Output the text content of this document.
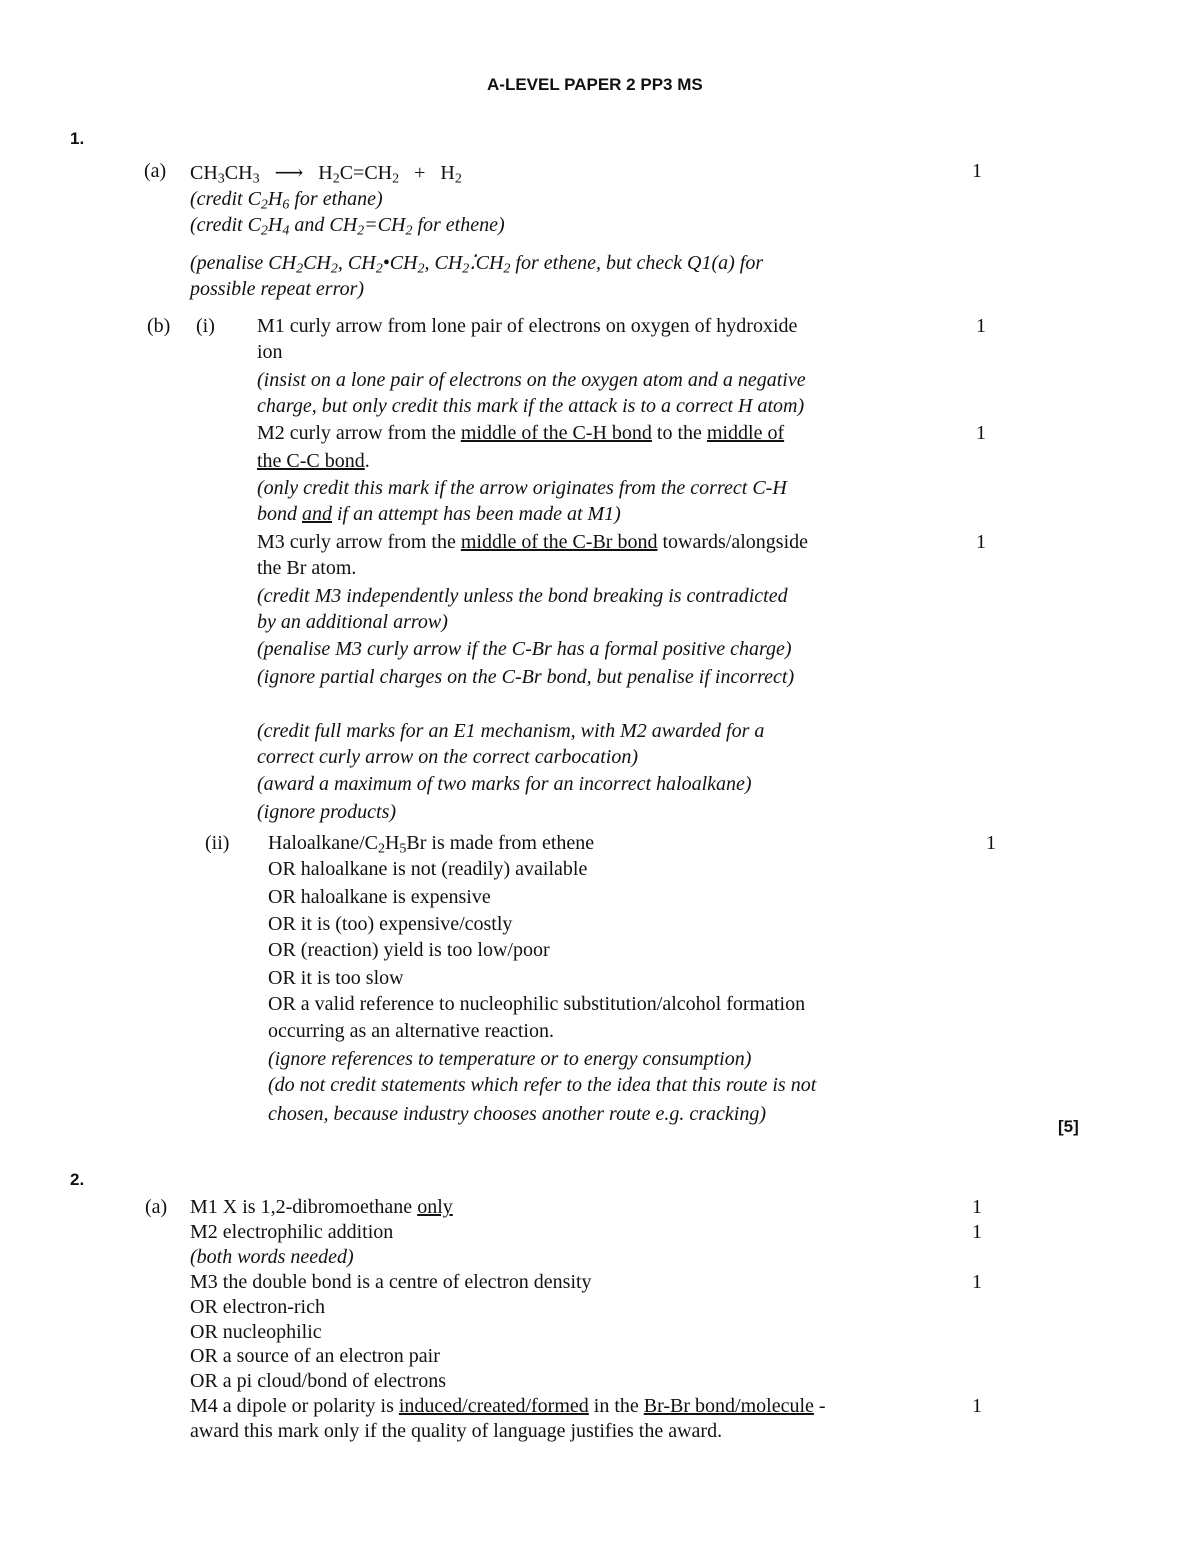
A-LEVEL PAPER 2 PP3 MS
1.
(a) $CH_3CH_3$ ⟶ $H_2C=CH_2 + H_2$	1
(credit $C_2H_6$ for ethane)
(credit $C_2H_4$ and $CH_2=CH_2$ for ethene)
(penalise $CH_2CH_2$, $CH_2•CH_2$, $CH_2⁚CH_2$ for ethene, but check Q1(a) for
possible repeat error)
(b) (i) M1 curly arrow from lone pair of electrons on oxygen of hydroxide	1
ion
(insist on a lone pair of electrons on the oxygen atom and a negative
charge, but only credit this mark if the attack is to a correct H atom)
M2 curly arrow from the middle of the C-H bond to the middle of	1
the C-C bond.
(only credit this mark if the arrow originates from the correct C-H
bond and if an attempt has been made at M1)
M3 curly arrow from the middle of the C-Br bond towards/alongside	1
the Br atom.
(credit M3 independently unless the bond breaking is contradicted
by an additional arrow)
(penalise M3 curly arrow if the C-Br has a formal positive charge)
(ignore partial charges on the C-Br bond, but penalise if incorrect)
(credit full marks for an E1 mechanism, with M2 awarded for a
correct curly arrow on the correct carbocation)
(award a maximum of two marks for an incorrect haloalkane)
(ignore products)
(ii) Haloalkane/$C_2H_5Br$ is made from ethene	1
OR haloalkane is not (readily) available
OR haloalkane is expensive
OR it is (too) expensive/costly
OR (reaction) yield is too low/poor
OR it is too slow
OR a valid reference to nucleophilic substitution/alcohol formation
occurring as an alternative reaction.
(ignore references to temperature or to energy consumption)
(do not credit statements which refer to the idea that this route is not
chosen, because industry chooses another route e.g. cracking)
[5]
2.
(a) M1 X is 1,2-dibromoethane only	1
M2 electrophilic addition	1
(both words needed)
M3 the double bond is a centre of electron density	1
OR electron-rich
OR nucleophilic
OR a source of an electron pair
OR a pi cloud/bond of electrons
M4 a dipole or polarity is induced/created/formed in the Br-Br bond/molecule -	1
award this mark only if the quality of language justifies the award.
